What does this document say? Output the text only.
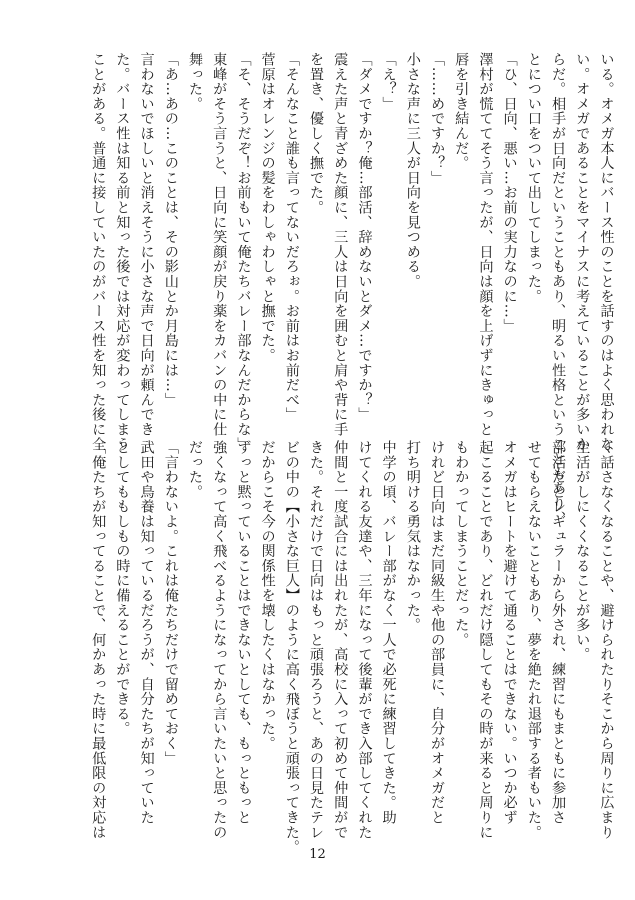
いる。オメガ本人にバース性のことを話すのはよく思われな
い。オメガであることをマイナスに考えていることが多いか
らだ。相手が日向だということもあり、明るい性格ということもあり、
とについ口をついて出してしまった。
「ひ、日向、悪い…お前の実力なのに…」
澤村が慌ててそう言ったが、日向は顔を上げずにきゅっと
唇を引き結んだ。
「……めですか？」
小さな声に三人が日向を見つめる。
「え？」
「ダメですか？俺…部活、辞めないとダメ…ですか？」
震えた声と青ざめた顔に、三人は日向を囲むと肩や背に手
を置き、優しく撫でた。
「そんなこと誰も言ってないだろぉ。お前はお前だべ」
菅原はオレンジの髪をわしゃわしゃと撫でた。
「そ、そうだぞ！お前もいて俺たちバレー部なんだからな」
東峰がそう言うと、日向に笑顔が戻り薬をカバンの中に仕
舞った。
「あ…あの…このことは、その影山とか月島には…」
言わないでほしいと消えそうに小さな声で日向が頼んでき
た。バース性は知る前と知った後では対応が変わってしまう
ことがある。普通に接していたのがバース性を知った後に全
く話さなくなることや、避けられたりそこから周りに広まり
生活がしにくくなることが多い。
部活だとレギュラーから外され、練習にもまともに参加さ
せてもらえないこともあり、夢を絶たれ退部する者もいた。
オメガはヒートを避けて通ることはできない。いつか必ず
起こることであり、どれだけ隠してもその時が来ると周りに
もわかってしまうことだった。
けれど日向はまだ同級生や他の部員に、自分がオメガだと
打ち明ける勇気はなかった。
中学の頃、バレー部がなく一人で必死に練習してきた。助
けてくれる友達や、三年になって後輩ができ入部してくれた
仲間と一度試合には出れたが、高校に入って初めて仲間がで
きた。それだけで日向はもっと頑張ろうと、あの日見たテレ
ビの中の【小さな巨人】のように高く飛ぼうと頑張ってきた。
だからこそ今の関係性を壊したくはなかった。
ずっと黙っていることはできないとしても、もっともっと
強くなって高く飛べるようになってから言いたいと思ったの
だった。
「言わないよ。これは俺たちだけで留めておく」
武田や鳥養は知っているだろうが、自分たちが知っていた
としてももしもの時に備えることができる。
「俺たちが知ってることで、何かあった時に最低限の対応は
12
